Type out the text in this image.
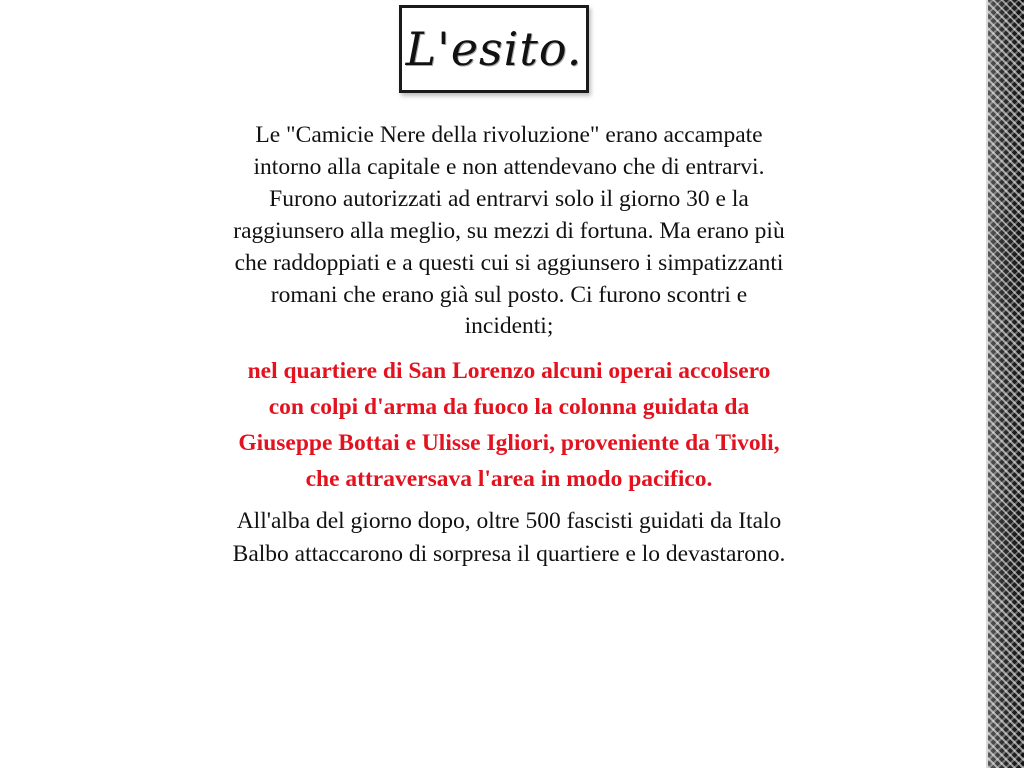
L'esito.

Le "Camicie Nere della rivoluzione" erano accampate intorno alla capitale e non attendevano che di entrarvi. Furono autorizzati ad entrarvi solo il giorno 30 e la raggiunsero alla meglio, su mezzi di fortuna. Ma erano più che raddoppiati e a questi cui si aggiunsero i simpatizzanti romani che erano già sul posto. Ci furono scontri e incidenti;

nel quartiere di San Lorenzo alcuni operai accolsero con colpi d'arma da fuoco la colonna guidata da Giuseppe Bottai e Ulisse Igliori, proveniente da Tivoli, che attraversava l'area in modo pacifico.

All'alba del giorno dopo, oltre 500 fascisti guidati da Italo Balbo attaccarono di sorpresa il quartiere e lo devastarono.
